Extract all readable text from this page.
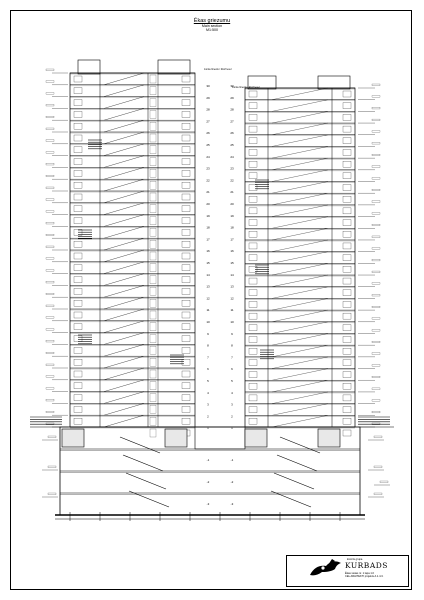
Ēkas griezumu
Main section
M1:500
Jumta līmenis / Roof level
Jumta līmenis / Roof level
30	30
29	29
28	28
27	27
26	26
25	25
24	24
23	23
22	22
21	21
20	20
19	19
18	18
17	17
16	16
15	15
14	14
13	13
12	12
11	11
10	10
9	9
8	8
7	7
6	6
5	5
4	4
3	3
2	2
1	1
-1	-1
-2	-2
-3	-3
kūrorts grupa
KURBADS
Ēkas vietas nr. 1 lapa 1.0
CEL ARHITEKTI projekts A.1.4.3.
